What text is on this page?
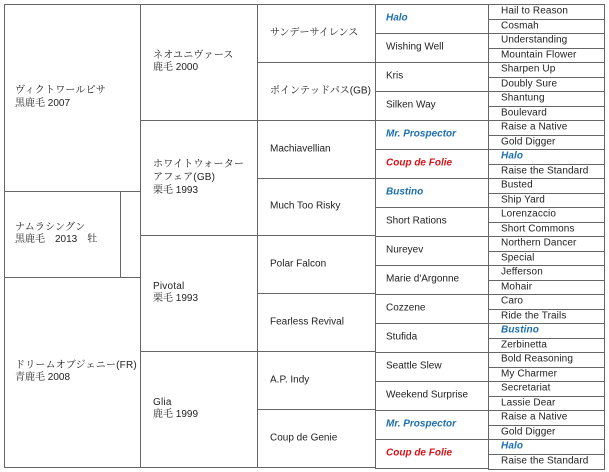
ナムラシングン
黒鹿毛　2013　牡
ヴィクトワールピサ
黒鹿毛 2007
ドリームオブジェニー(FR)
青鹿毛 2008
ネオユニヴァース
鹿毛 2000
ホワイトウォーターアフェア(GB)
栗毛 1993
Pivotal
栗毛 1993
Glia
鹿毛 1999
サンデーサイレンス
ポインテッドパス(GB)
Machiavellian
Much Too Risky
Polar Falcon
Fearless Revival
A.P. Indy
Coup de Genie
Halo
Wishing Well
Kris
Silken Way
Mr. Prospector
Coup de Folie
Bustino
Short Rations
Nureyev
Marie d'Argonne
Cozzene
Stufida
Seattle Slew
Weekend Surprise
Mr. Prospector
Coup de Folie
Hail to Reason
Cosmah
Understanding
Mountain Flower
Sharpen Up
Doubly Sure
Shantung
Boulevard
Raise a Native
Gold Digger
Halo
Raise the Standard
Busted
Ship Yard
Lorenzaccio
Short Commons
Northern Dancer
Special
Jefferson
Mohair
Caro
Ride the Trails
Bustino
Zerbinetta
Bold Reasoning
My Charmer
Secretariat
Lassie Dear
Raise a Native
Gold Digger
Halo
Raise the Standard
